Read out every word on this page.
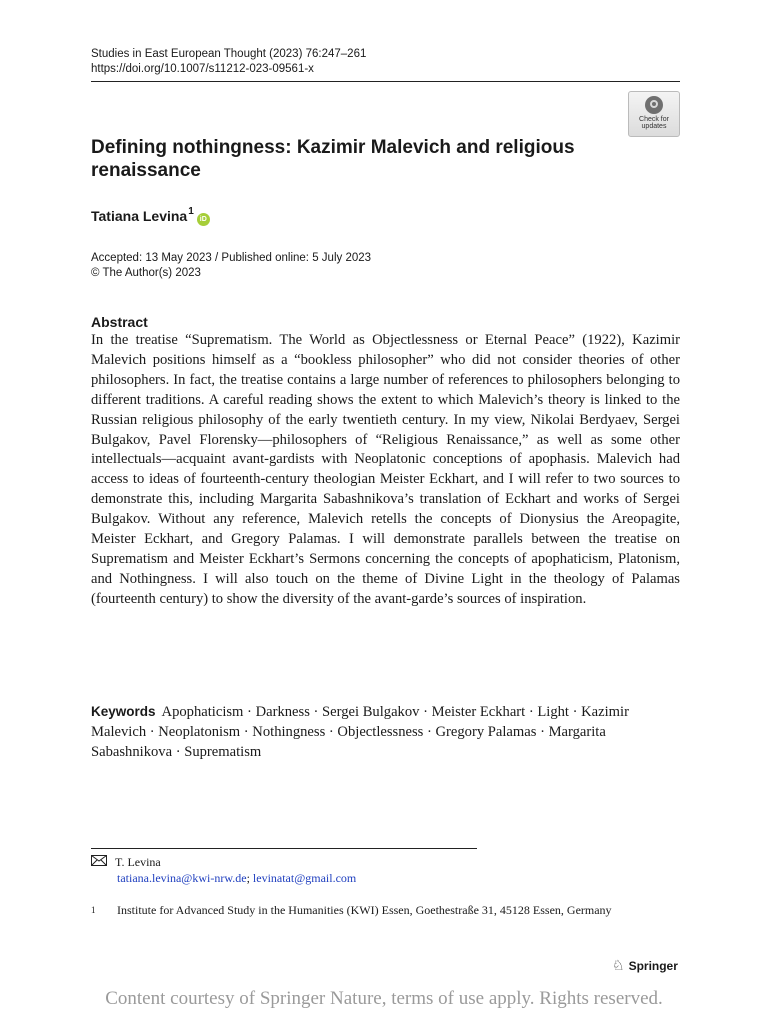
Studies in East European Thought (2023) 76:247–261
https://doi.org/10.1007/s11212-023-09561-x
Check for
updates
Defining nothingness: Kazimir Malevich and religious renaissance
Tatiana Levina$^1$
iD
Accepted: 13 May 2023 / Published online: 5 July 2023
© The Author(s) 2023
Abstract
In the treatise “Suprematism. The World as Objectlessness or Eternal Peace” (1922), Kazimir Malevich positions himself as a “bookless philosopher” who did not consider theories of other philosophers. In fact, the treatise contains a large number of references to philosophers belonging to different traditions. A careful reading shows the extent to which Malevich’s theory is linked to the Russian religious philosophy of the early twentieth century. In my view, Nikolai Berdyaev, Sergei Bulgakov, Pavel Florensky—philosophers of “Religious Renaissance,” as well as some other intellectuals—acquaint avant-gardists with Neoplatonic conceptions of apophasis. Malevich had access to ideas of fourteenth-century theologian Meister Eckhart, and I will refer to two sources to demonstrate this, including Margarita Sabashnikova’s translation of Eckhart and works of Sergei Bulgakov. Without any reference, Malevich retells the concepts of Dionysius the Areopagite, Meister Eckhart, and Gregory Palamas. I will demonstrate parallels between the treatise on Suprematism and Meister Eckhart’s Sermons concerning the concepts of apophaticism, Platonism, and Nothingness. I will also touch on the theme of Divine Light in the theology of Palamas (fourteenth century) to show the diversity of the avant-garde’s sources of inspiration.
Keywords Apophaticism · Darkness · Sergei Bulgakov · Meister Eckhart · Light · Kazimir Malevich · Neoplatonism · Nothingness · Objectlessness · Gregory Palamas · Margarita Sabashnikova · Suprematism
T. Levina
tatiana.levina@kwi-nrw.de; levinatat@gmail.com
1	Institute for Advanced Study in the Humanities (KWI) Essen, Goethestraße 31, 45128 Essen, Germany
♘ Springer
Content courtesy of Springer Nature, terms of use apply. Rights reserved.
